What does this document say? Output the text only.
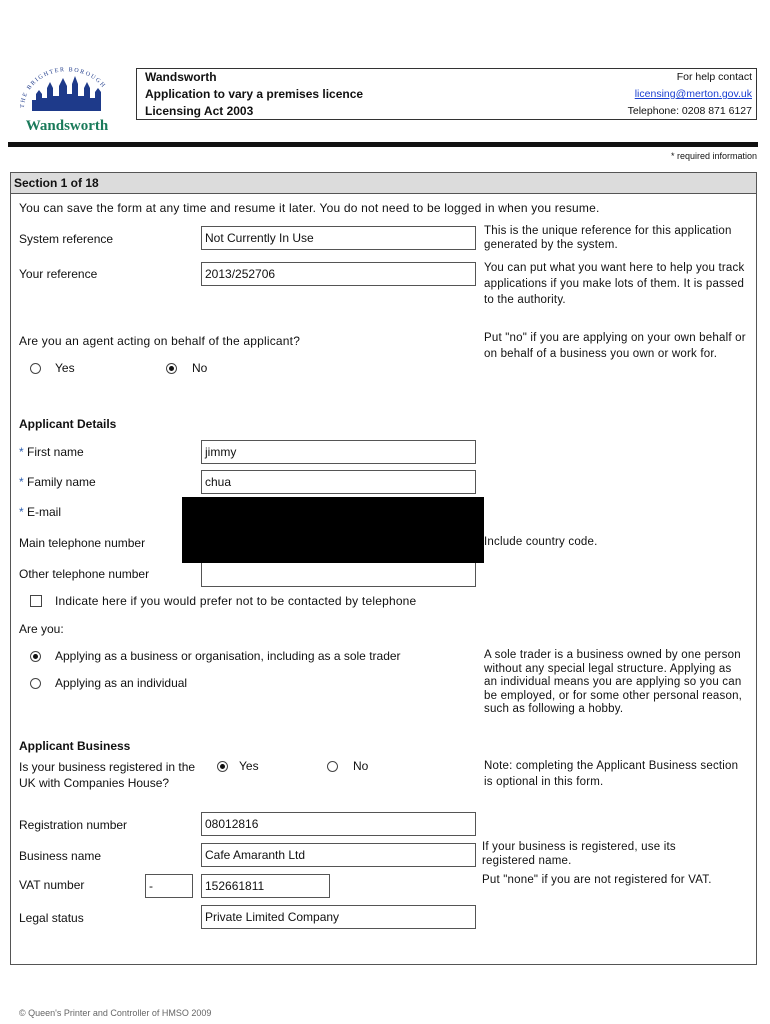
THE BRIGHTER BOROUGH
Wandsworth
Wandsworth
Application to vary a premises licence
Licensing Act 2003
For help contact
licensing@merton.gov.uk
Telephone: 0208 871 6127
* required information
Section 1 of 18
You can save the form at any time and resume it later. You do not need to be logged in when you resume.
System reference	Not Currently In Use	This is the unique reference for this application generated by the system.
Your reference	2013/252706	You can put what you want here to help you track applications if you make lots of them. It is passed to the authority.
Are you an agent acting on behalf of the applicant?
Yes	No
Put "no" if you are applying on your own behalf or on behalf of a business you own or work for.
Applicant Details
* First name	jimmy
* Family name	chua
* E-mail
Main telephone number	Include country code.
Other telephone number
Indicate here if you would prefer not to be contacted by telephone
Are you:
Applying as a business or organisation, including as a sole trader
Applying as an individual
A sole trader is a business owned by one person without any special legal structure. Applying as an individual means you are applying so you can be employed, or for some other personal reason, such as following a hobby.
Applicant Business
Is your business registered in the UK with Companies House?
Yes	No	Note: completing the Applicant Business section is optional in this form.
Registration number	08012816
Business name	Cafe Amaranth Ltd
If your business is registered, use its registered name.
VAT number	-	152661811	Put "none" if you are not registered for VAT.
Legal status	Private Limited Company
© Queen's Printer and Controller of HMSO 2009
